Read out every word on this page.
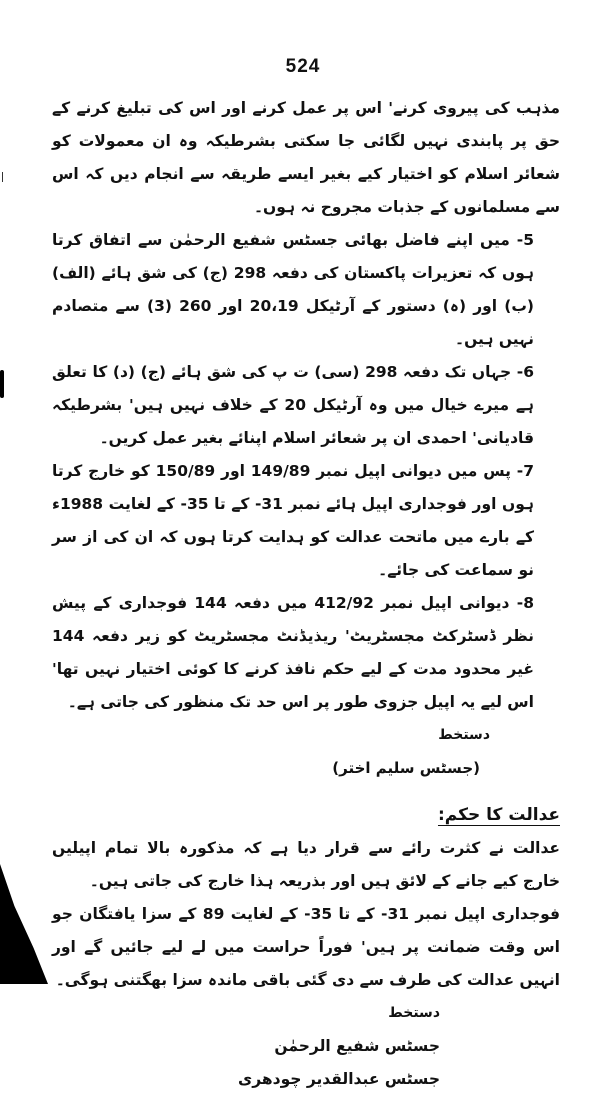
524

مذہب کی پیروی کرنے' اس پر عمل کرنے اور اس کی تبلیغ کرنے کے حق پر پابندی نہیں لگائی جا سکتی بشرطیکہ وہ ان معمولات کو شعائر اسلام کو اختیار کیے بغیر ایسے طریقہ سے انجام دیں کہ اس سے مسلمانوں کے جذبات مجروح نہ ہوں۔

5- میں اپنے فاضل بھائی جسٹس شفیع الرحمٰن سے اتفاق کرتا ہوں کہ تعزیرات پاکستان کی دفعہ 298 (ج) کی شق ہائے (الف) (ب) اور (ہ) دستور کے آرٹیکل 20،19 اور 260 (3) سے متصادم نہیں ہیں۔

6- جہاں تک دفعہ 298 (سی) ت پ کی شق ہائے (ج) (د) کا تعلق ہے میرے خیال میں وہ آرٹیکل 20 کے خلاف نہیں ہیں' بشرطیکہ قادیانی' احمدی ان پر شعائر اسلام اپنائے بغیر عمل کریں۔

7- پس میں دیوانی اپیل نمبر 149/89 اور 150/89 کو خارج کرتا ہوں اور فوجداری اپیل ہائے نمبر 31- کے تا 35- کے لغایت 1988ء کے بارے میں ماتحت عدالت کو ہدایت کرتا ہوں کہ ان کی از سر نو سماعت کی جائے۔

8- دیوانی اپیل نمبر 412/92 میں دفعہ 144 فوجداری کے پیش نظر ڈسٹرکٹ مجسٹریٹ' ریذیڈنٹ مجسٹریٹ کو زیر دفعہ 144 غیر محدود مدت کے لیے حکم نافذ کرنے کا کوئی اختیار نہیں تھا' اس لیے یہ اپیل جزوی طور پر اس حد تک منظور کی جاتی ہے۔

دستخط
(جسٹس سلیم اختر)
عدالت کا حکم:

عدالت نے کثرت رائے سے قرار دیا ہے کہ مذکورہ بالا تمام اپیلیں خارج کیے جانے کے لائق ہیں اور بذریعہ ہذا خارج کی جاتی ہیں۔

فوجداری اپیل نمبر 31- کے تا 35- کے لغایت 89 کے سزا یافتگان جو اس وقت ضمانت پر ہیں' فوراً حراست میں لے لیے جائیں گے اور انہیں عدالت کی طرف سے دی گئی باقی ماندہ سزا بھگتنی ہوگی۔

دستخط
جسٹس شفیع الرحمٰن
جسٹس عبدالقدیر چودھری
